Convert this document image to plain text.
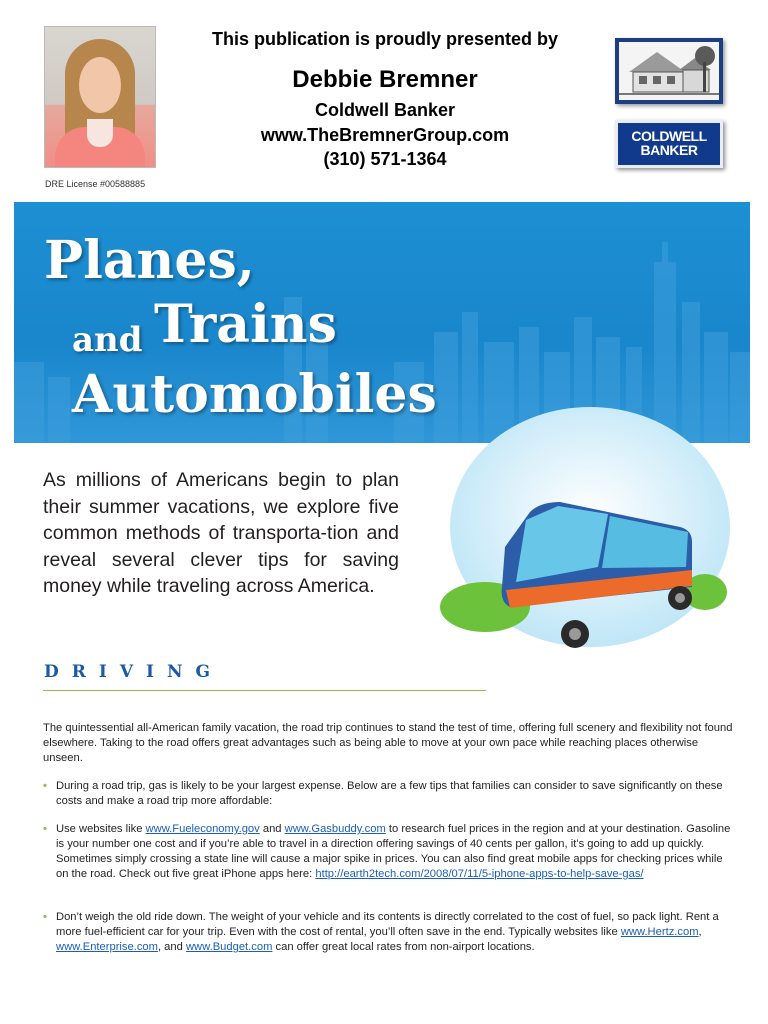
DRE License #00588885
This publication is proudly presented by
Debbie Bremner
Coldwell Banker
www.TheBremnerGroup.com
(310) 571-1364
COLDWELL
BANKER
Planes,
and Trains
Automobiles
As millions of Americans begin to plan their summer vacations, we explore five common methods of transporta-tion and reveal several clever tips for saving money while traveling across America.
DRIVING
The quintessential all-American family vacation, the road trip continues to stand the test of time, offering full scenery and flexibility not found elsewhere. Taking to the road offers great advantages such as being able to move at your own pace while reaching places otherwise unseen.
• During a road trip, gas is likely to be your largest expense. Below are a few tips that families can consider to save significantly on these costs and make a road trip more affordable:
• Use websites like www.Fueleconomy.gov and www.Gasbuddy.com to research fuel prices in the region and at your destination. Gasoline is your number one cost and if you’re able to travel in a direction offering savings of 40 cents per gallon, it’s going to add up quickly. Sometimes simply crossing a state line will cause a major spike in prices. You can also find great mobile apps for checking prices while on the road. Check out five great iPhone apps here: http://earth2tech.com/2008/07/11/5-iphone-apps-to-help-save-gas/
• Don’t weigh the old ride down. The weight of your vehicle and its contents is directly correlated to the cost of fuel, so pack light. Rent a more fuel-efficient car for your trip. Even with the cost of rental, you’ll often save in the end. Typically websites like www.Hertz.com, www.Enterprise.com, and www.Budget.com can offer great local rates from non-airport locations.
